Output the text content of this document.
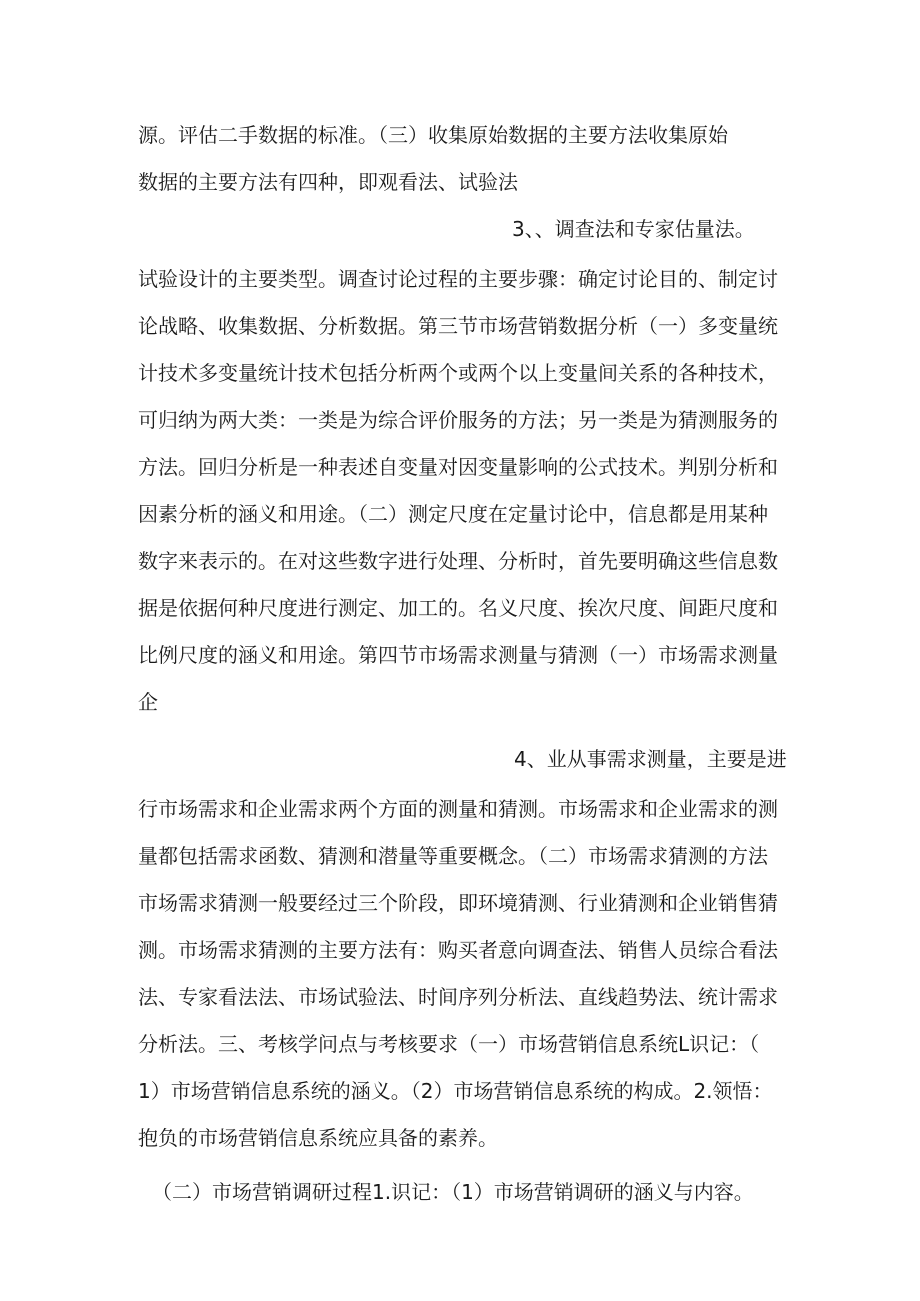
源。评估二手数据的标准。（三）收集原始数据的主要方法收集原始
数据的主要方法有四种，即观看法、试验法
3、、调查法和专家估量法。
试验设计的主要类型。调查讨论过程的主要步骤：确定讨论目的、制定讨
论战略、收集数据、分析数据。第三节市场营销数据分析（一）多变量统
计技术多变量统计技术包括分析两个或两个以上变量间关系的各种技术，
可归纳为两大类：一类是为综合评价服务的方法；另一类是为猜测服务的
方法。回归分析是一种表述自变量对因变量影响的公式技术。判别分析和
因素分析的涵义和用途。（二）测定尺度在定量讨论中，信息都是用某种
数字来表示的。在对这些数字进行处理、分析时，首先要明确这些信息数
据是依据何种尺度进行测定、加工的。名义尺度、挨次尺度、间距尺度和
比例尺度的涵义和用途。第四节市场需求测量与猜测（一）市场需求测量
企
4、业从事需求测量，主要是进
行市场需求和企业需求两个方面的测量和猜测。市场需求和企业需求的测
量都包括需求函数、猜测和潜量等重要概念。（二）市场需求猜测的方法
市场需求猜测一般要经过三个阶段，即环境猜测、行业猜测和企业销售猜
测。市场需求猜测的主要方法有：购买者意向调查法、销售人员综合看法
法、专家看法法、市场试验法、时间序列分析法、直线趋势法、统计需求
分析法。三、考核学问点与考核要求（一）市场营销信息系统L识记：（
1）市场营销信息系统的涵义。（2）市场营销信息系统的构成。2.领悟：
抱负的市场营销信息系统应具备的素养。
（二）市场营销调研过程1.识记：（1）市场营销调研的涵义与内容。
